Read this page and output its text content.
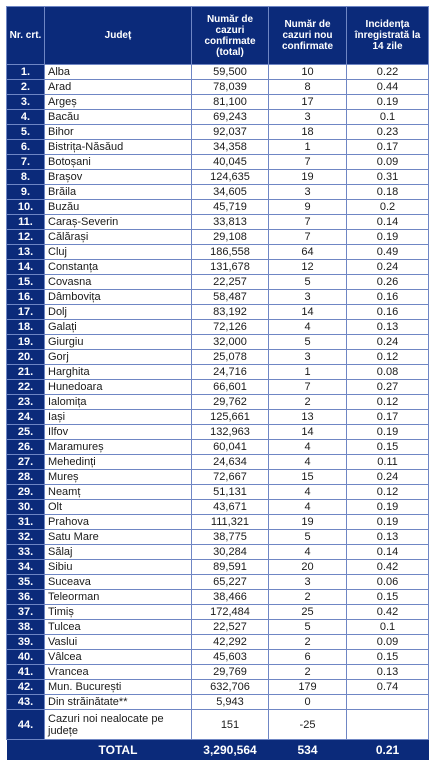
Nr. crt.	Județ	Număr de cazuri confirmate (total)	Număr de cazuri nou confirmate	Incidența înregistrată la 14 zile
1.	Alba	59,500	10	0.22
2.	Arad	78,039	8	0.44
3.	Argeș	81,100	17	0.19
4.	Bacău	69,243	3	0.1
5.	Bihor	92,037	18	0.23
6.	Bistrița-Năsăud	34,358	1	0.17
7.	Botoșani	40,045	7	0.09
8.	Brașov	124,635	19	0.31
9.	Brăila	34,605	3	0.18
10.	Buzău	45,719	9	0.2
11.	Caraș-Severin	33,813	7	0.14
12.	Călărași	29,108	7	0.19
13.	Cluj	186,558	64	0.49
14.	Constanța	131,678	12	0.24
15.	Covasna	22,257	5	0.26
16.	Dâmbovița	58,487	3	0.16
17.	Dolj	83,192	14	0.16
18.	Galați	72,126	4	0.13
19.	Giurgiu	32,000	5	0.24
20.	Gorj	25,078	3	0.12
21.	Harghita	24,716	1	0.08
22.	Hunedoara	66,601	7	0.27
23.	Ialomița	29,762	2	0.12
24.	Iași	125,661	13	0.17
25.	Ilfov	132,963	14	0.19
26.	Maramureș	60,041	4	0.15
27.	Mehedinți	24,634	4	0.11
28.	Mureș	72,667	15	0.24
29.	Neamț	51,131	4	0.12
30.	Olt	43,671	4	0.19
31.	Prahova	111,321	19	0.19
32.	Satu Mare	38,775	5	0.13
33.	Sălaj	30,284	4	0.14
34.	Sibiu	89,591	20	0.42
35.	Suceava	65,227	3	0.06
36.	Teleorman	38,466	2	0.15
37.	Timiș	172,484	25	0.42
38.	Tulcea	22,527	5	0.1
39.	Vaslui	42,292	2	0.09
40.	Vâlcea	45,603	6	0.15
41.	Vrancea	29,769	2	0.13
42.	Mun. București	632,706	179	0.74
43.	Din străinătate**	5,943	0	
44.	Cazuri noi nealocate pe județe	151	-25	
	TOTAL	3,290,564	534	0.21
